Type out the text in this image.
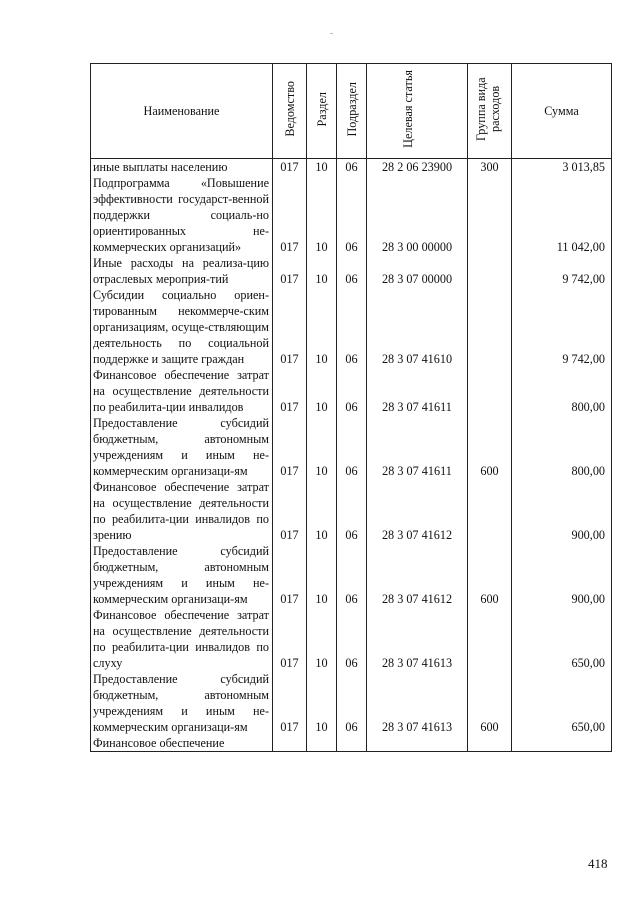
Наименование	Ведомство	Раздел	Подраздел	Целевая статья	Группа вида расходов	Сумма
иные выплаты населению	017	10	06	28 2 06 23900	300	3 013,85
Подпрограмма «Повышение эффективности государст-венной поддержки социаль-но ориентированных не-коммерческих организаций»	017	10	06	28 3 00 00000		11 042,00
Иные расходы на реализа-цию отраслевых мероприя-тий	017	10	06	28 3 07 00000		9 742,00
Субсидии социально ориен-тированным некоммерче-ским организациям, осуще-ствляющим деятельность по социальной поддержке и защите граждан	017	10	06	28 3 07 41610		9 742,00
Финансовое обеспечение затрат на осуществление деятельности по реабилита-ции инвалидов	017	10	06	28 3 07 41611		800,00
Предоставление субсидий бюджетным, автономным учреждениям и иным не-коммерческим организаци-ям	017	10	06	28 3 07 41611	600	800,00
Финансовое обеспечение затрат на осуществление деятельности по реабилита-ции инвалидов по зрению	017	10	06	28 3 07 41612		900,00
Предоставление субсидий бюджетным, автономным учреждениям и иным не-коммерческим организаци-ям	017	10	06	28 3 07 41612	600	900,00
Финансовое обеспечение затрат на осуществление деятельности по реабилита-ции инвалидов по слуху	017	10	06	28 3 07 41613		650,00
Предоставление субсидий бюджетным, автономным учреждениям и иным не-коммерческим организаци-ям	017	10	06	28 3 07 41613	600	650,00
Финансовое обеспечение						
418
